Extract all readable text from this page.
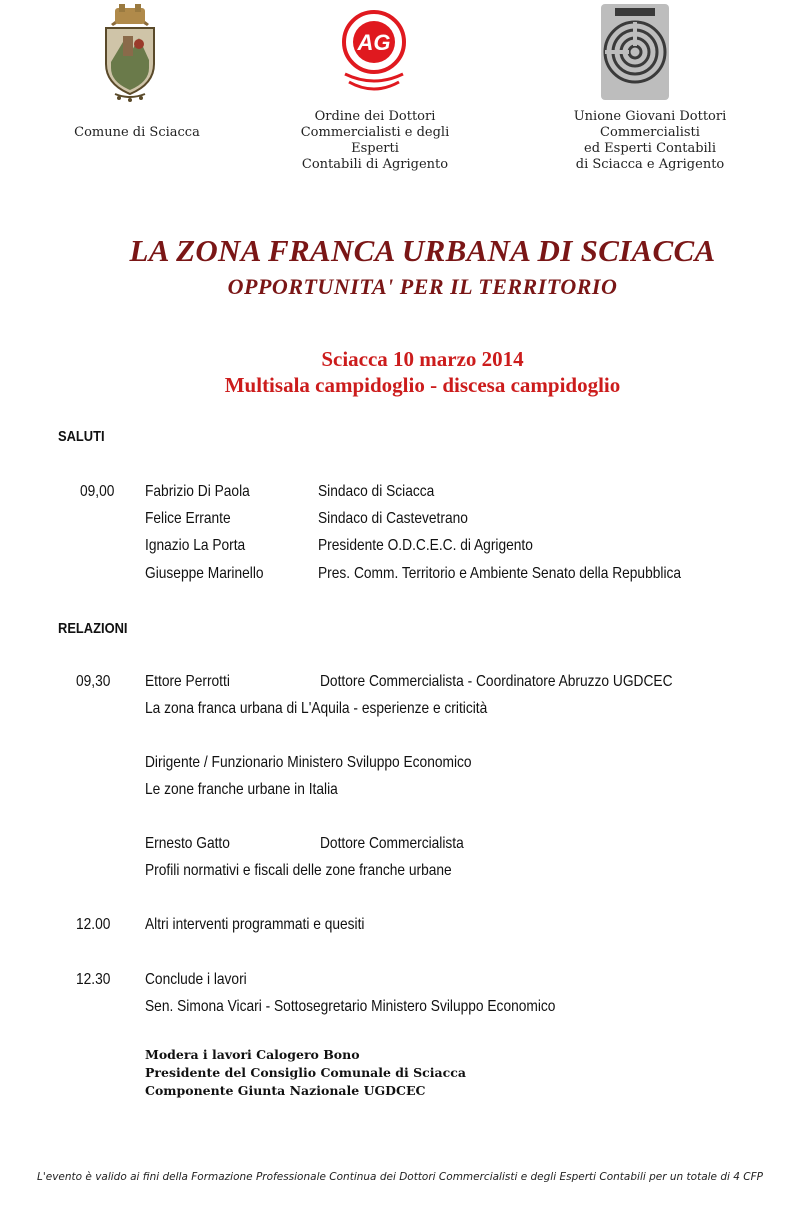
AG
Comune di Sciacca
Ordine dei Dottori
Commercialisti e degli Esperti
Contabili di Agrigento
Unione Giovani Dottori
Commercialisti
ed Esperti Contabili
di Sciacca e Agrigento
LA ZONA FRANCA URBANA DI SCIACCA
OPPORTUNITA' PER IL TERRITORIO
Sciacca 10 marzo 2014
Multisala campidoglio - discesa campidoglio
SALUTI
09,00 Fabrizio Di Paola	Sindaco di Sciacca
Felice Errante	Sindaco di Castevetrano
Ignazio La Porta	Presidente O.D.C.E.C. di Agrigento
Giuseppe Marinello	Pres. Comm. Territorio e Ambiente Senato della Repubblica
RELAZIONI
09,30 Ettore Perrotti	Dottore Commercialista - Coordinatore Abruzzo UGDCEC
La zona franca urbana di L'Aquila - esperienze e criticità
Dirigente / Funzionario Ministero Sviluppo Economico
Le zone franche urbane in Italia
Ernesto Gatto	Dottore Commercialista
Profili normativi e fiscali delle zone franche urbane
12.00 Altri interventi programmati e quesiti
12.30 Conclude i lavori
Sen. Simona Vicari - Sottosegretario Ministero Sviluppo Economico
Modera i lavori Calogero Bono
Presidente del Consiglio Comunale di Sciacca
Componente Giunta Nazionale UGDCEC
L'evento è valido ai fini della Formazione Professionale Continua dei Dottori Commercialisti e degli Esperti Contabili per un totale di 4 CFP
